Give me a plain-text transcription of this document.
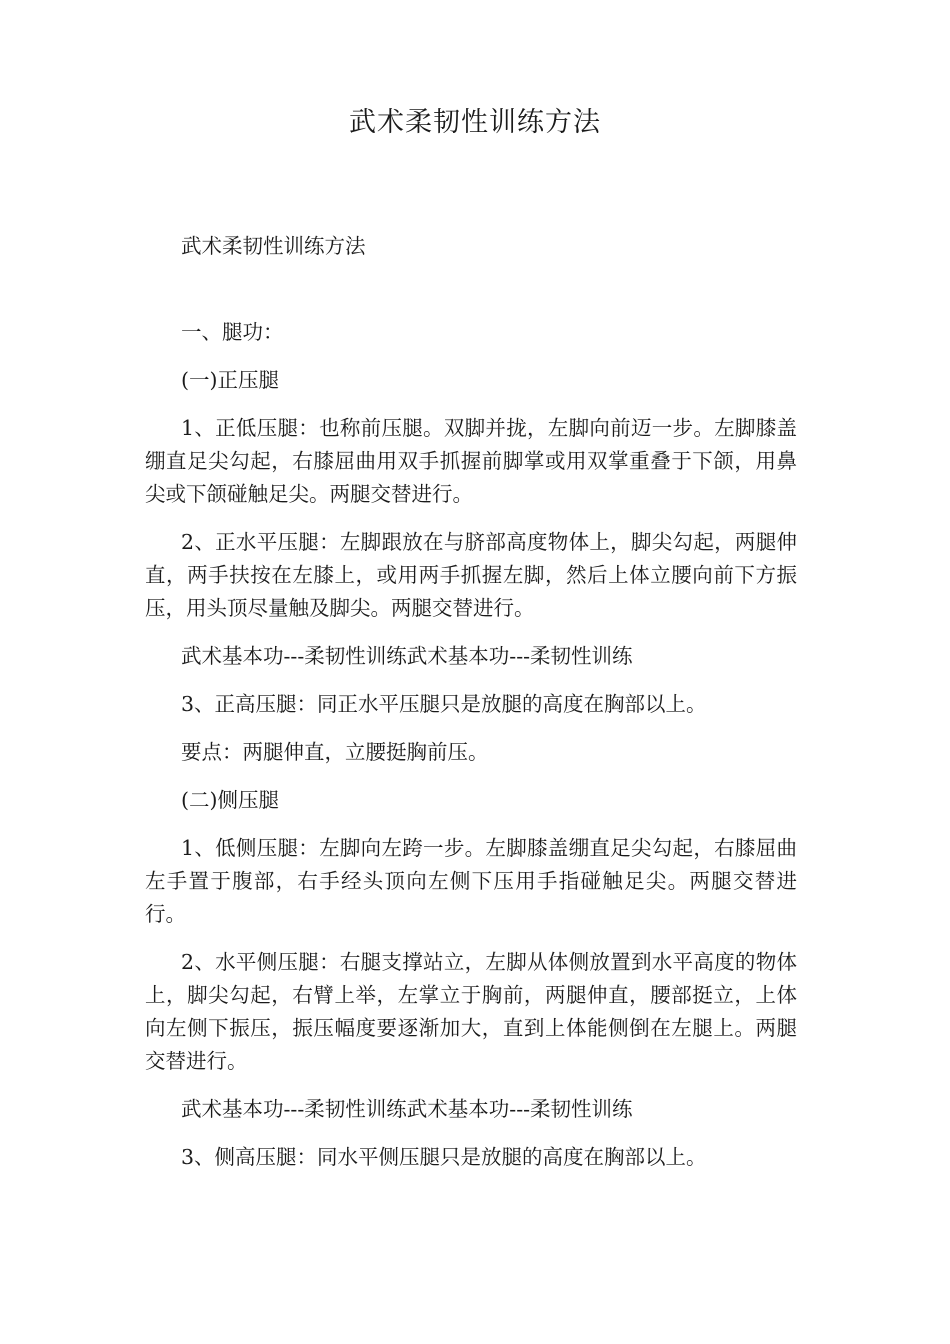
武术柔韧性训练方法

武术柔韧性训练方法

一、腿功：

(一)正压腿

1、正低压腿：也称前压腿。双脚并拢，左脚向前迈一步。左脚膝盖绷直足尖勾起，右膝屈曲用双手抓握前脚掌或用双掌重叠于下颌，用鼻尖或下颌碰触足尖。两腿交替进行。

2、正水平压腿：左脚跟放在与脐部高度物体上，脚尖勾起，两腿伸直，两手扶按在左膝上，或用两手抓握左脚，然后上体立腰向前下方振压，用头顶尽量触及脚尖。两腿交替进行。

武术基本功---柔韧性训练武术基本功---柔韧性训练

3、正高压腿：同正水平压腿只是放腿的高度在胸部以上。

要点：两腿伸直，立腰挺胸前压。

(二)侧压腿

1、低侧压腿：左脚向左跨一步。左脚膝盖绷直足尖勾起，右膝屈曲左手置于腹部，右手经头顶向左侧下压用手指碰触足尖。两腿交替进行。

2、水平侧压腿：右腿支撑站立，左脚从体侧放置到水平高度的物体上，脚尖勾起，右臂上举，左掌立于胸前，两腿伸直，腰部挺立，上体向左侧下振压，振压幅度要逐渐加大，直到上体能侧倒在左腿上。两腿交替进行。

武术基本功---柔韧性训练武术基本功---柔韧性训练

3、侧高压腿：同水平侧压腿只是放腿的高度在胸部以上。
